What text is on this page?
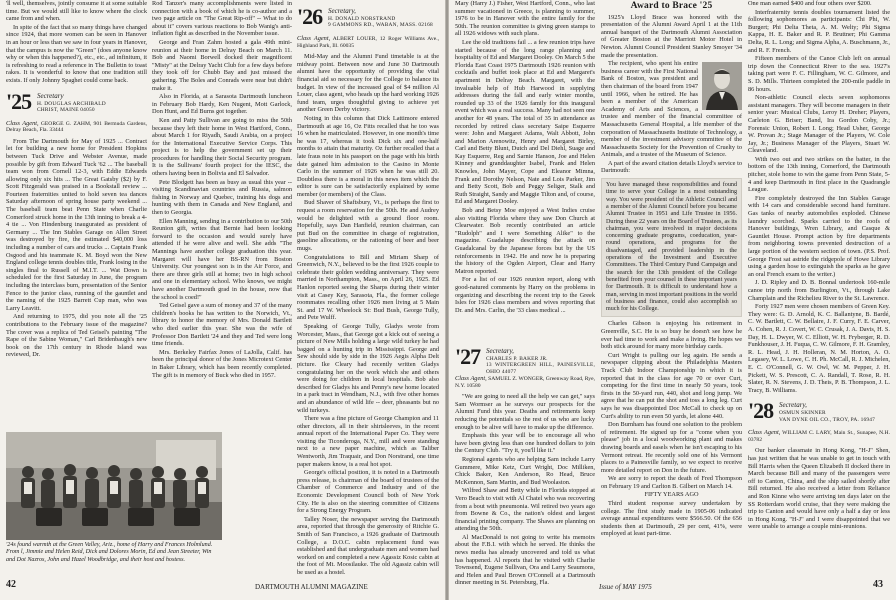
'll well, themselves, jointly consume it at some suitable time. But we would still like to know where the clock came from and when.

In spite of the fact that so many things have changed since 1924, that more women can be seen in Hanover in an hour or less than we saw in four years in Hanover, that the campus is now the "Green" (does anyone know why or when this happened?), etc., etc., ad infinitum, it is refreshing to read a reference in The Bulletin to toast rakes. It is wonderful to know that one tradition still exists. If only Johnny Spaghet could come back.

'25 Secretary
H. DOUGLAS ARCHIBALD
CHRIST, MAINE 04050
Class Agent, GEORGE G. ZAHM, 901 Bermuda Gardens, Delray Beach, Fla. 33444

From The Dartmouth for May of 1925 ... Contract let for building a new home for President Hopkins between Tuck Drive and Webster Avenue, made possible by gift from Edward Tuck '62 ... The baseball team won from Cornell 12-3, with Eddie Edwards allowing only six hits ... The Great Gatsby ($2) by F. Scott Fitzgerald was praised in a Bookstall review ... Fourteen fraternities united to hold seven tea dances Saturday afternoon of spring house party weekend ... The baseball team beat Penn State when Charlie Comerford struck home in the 13th inning to break a 4-4 tie ... Von Hindenburg inaugurated as president of Germany ... The Inn Stables Garage on Allen Street was destroyed by fire, the estimated $40,000 loss including a number of cars and trucks ... Captain Frank Osgood and his teammate K. M. Boyd won the New England college tennis doubles title, Frank losing in the singles final to Russell of M.I.T. ... Wat Down is scheduled for the first Saturday in June, the program including the interclass burn, presentation of the Senior Fence to the junior class, running of the gauntlet and the naming of the 1925 Barrett Cup man, who was Larry Leavitt.

And returning to 1975, did you note all the '25 contributions to the February issue of the magazine? The cover was a replica of Ted Geisel's painting "The Rape of the Sabine Woman," Carl Bridenbaugh's new book on the 17th century in Rhode Island was reviewed, Dr.

Rod Tanzer's many accomplishments were listed in connection with a book of which he is co-author and a two page article on "The Great Rip-off" -- What to do about it" covers various reactions to Bob Wanig's anti-inflation fight as described in the November issue.

George and Fran Zahm hosted a gala 49th mini-reunion at their home in Delray Beach on March 11. Bob and Naomi Borwell docked their magnificent "Misty" at the Delray Yacht Club for a few days before they took off for Chubb Bay and just missed the gathering. The Boles and Conrads were near but didn't make it.

Also in Florida, at a Sarasota Dartmouth luncheon in February Bob Hardy, Ken Nugent, Mott Garlock, Don Hunt, and Ed Burns got together.

Ken and Patty Sullivan are going to miss the 50th because they left their home in West Hartford, Conn., about March 1 for Riyadh, Saudi Arabia, on a project for the International Executive Service Corps. This project is to help the government set up their procedures for handling their Social Security program. It is the Sullivans' fourth project for the IESC, the others having been in Bolivia and El Salvador.

Pete Blodgett has been as busy as usual this year -- visiting Scandinavian countries and Russia, salmon fishing in Norway and Quebec, training his dogs and hunting with them in Canada and New England, and then to Georgia.

Ellen Manning, sending in a contribution to our 50th Reunion gift, writes that Bernie had been looking forward to the occasion and would surely have attended if he were alive and well. She adds "The Mannings have another college graduation this year. Margaret will have her BS-RN from Boston University. Our youngest son is in the Air Force, and there are three girls still at home; two in high school and one in elementary school. Who knows, we might have another Dartmouth grad in the house, now that the school is coed!"

Ted Geisel gave a sum of money and 37 of the many children's books he has written to the Norwich, Vt., library to honor the memory of Mrs. Donald Bartlett who died earlier this year. She was the wife of Professor Don Bartlett '24 and they and Ted were long time friends.

Mrs. Berkeley Fairfax Jones of LaJolla, Calif. has been the principal donor of the Jones Microtext Center in Baker Library, which has been recently completed. The gift is in memory of Buck who died in 1957.

'26 Secretary,
H. DONALD NORSTRAND
9 GAMMONS RD., WABAN, MASS. 02168
Class Agent, ALBERT LOUER, 12 Roger Williams Ave., Highland Park, Ill. 60035

Mid-May and the Alumni Fund timetable is at the midway point. Between now and June 30 Dartmouth alumni have the opportunity of providing the vital financial aid so necessary for the College to balance its budget. In view of the increased goal of $4 million Al Louer, class agent, who heads up the hard working 1926 fund team, urges thoughtful giving to achieve yet another Green Derby victory.

Noting in this column that Dick Lattimore entered Dartmouth at age 16, Oz Fitts recalled that he too was 16 when he matriculated. However, in one month's time he was 17, whereas it took Dick six and one-half months to attain that maturity. Oz further recalled that a late fraus note in his passport on the page with his birth date gained him admission to the Casino in Monte Carlo in the summer of 1926 when he was still 20. Doubtless there is a moral in this news item which the editor is sure can be satisfactorily explained by some member (or members) of the Class.

Bud Shaver of Shaftsbury, Vt., is perhaps the first to request a room reservation for the 50th. He and Audrey would be delighted with a ground floor room. Hopefully, says Dan Hanfield, reunion chairman, can put Bud on the committee in charge of registration, gasoline allocations, or the rationing of beer and beer mugs.

Congratulations to Bill and Miriam Sharp of Greenwich, N.Y., believed to be the first 1926 couple to celebrate their golden wedding anniversary. They were married in Northampton, Mass., on April 26, 1925. Ed Hanlon reported seeing the Sharps during their winter visit at Casey Key, Sarasota, Fla., the former college roommates recalling other 1926 men living at 5 Main St. and 17 W. Wheelock St: Bud Bush, George Tully, and Pete Wulff.

Speaking of George Tully, Gladys wrote from Worcester, Mass., that George got a kick out of seeing a picture of New Mills holding a large wild turkey he had bagged on a hunting trip in Mississippi. George and Sew should side by side in the 1926 Aegis Alpha Delt picture. Ike Cleary had recently written Gladys congratulating her on the work which she and others were doing for children in local hospitals. Bob also described for Gladys his and Penny's new home located in a park tract in Wendham, N.J., with five other homes and an abundance of wild life -- deer, pheasants but no wild turkeys.

There was a fine picture of George Champion and 11 other directors, all in their shirtsleeves, in the recent annual report of the International Paper Co. They were visiting the Ticonderoga, N.Y., mill and were standing next to a new paper machine, which as Taliber Wentworth, Jim Traquair, and Don Norstrand, one time paper makers know, is a real hot spot.

George's official position, it is noted in a Dartmouth press release, is chairman of the board of trustees of the Chamber of Commerce and Industry and of the Economic Development Council both of New York City. He is also on the steering committee of Citizens for a Strong Energy Program.

Talley Noser, the newspaper serving the Dartmouth area, reported that through the generosity of Ritchie G. Smith of San Francisco, a 1926 graduate of Dartmouth College, a D.O.C. cabin replacement fund was established and that undergraduate men and women had worked on and completed a new Agassiz Kosic cabin at the foot of Mt. Moosilauke. The old Agassiz cabin will be used as a hostel.

'24s found warmth at the Green Valley, Ariz., home of Harry and Frances Holmlund. From l, Jimmie and Helen Reid, Dick and Dolores Morin, Ed and Jean Streeter, Win and Dot Nazros, John and Hazel Woodbridge, and their host and hostess.
42	DARTMOUTH ALUMNI MAGAZINE

Mary (Harry J.) Fisher, West Hartford, Conn., who last summer vacationed in Greece, is planning to summer, 1976 to be in Hanover with the entire family for the 50th. The reunion committee is giving green stamps to all 1926 widows with such plans.

Lee the old traditions fail ... a few reunion trips have started because of the long range planning and hospitality of Ed and Margaret Dooley. On March 5 the Florida East Coast 1975 Dartmouth 1926 reunion with cocktails and buffet took place at Ed and Margaret's apartment in Delray Beach. Margaret, with the invaluable help of Hub Harwood in supplying addresses during the fall and early winter months, rounded up 33 of the 1926 family for this inaugural event which was a real success. Many had not seen one another for 48 years. The total of 35 in attendance as recorded by retired class secretary Saipe Esquerre were: John and Margaret Adams, Walt Abbott, John and Marion Arenowitz, Henry and Margaret Birley, Carl and Betty Blunt, Dutch and Del Diehl, Suage and Kay Esquerre, Reg and Sarnie Hanson, Joe and Helen Kinney and granddaughter Isabel, Frank and Helen Knowles, John Mayer, Cope and Eleanor Mimna, Frank and Dorothy Nelson, Nate and Lois Parker, Jim and Betty Scott, Bob and Peggy Seliger, Stalk and Ruth Straight, Sandy and Maggie Tilton and, of course, Ed and Margaret Dooley.

Bob and Betsy Moe enjoyed a West Indies cruise also visiting Florida where they saw Don Church at Clearwater. Bob recently contributed an article "Rudolph" and I were Something Alike" to the magazine. Guadalupe describing the attack on Guadalcanal by the Japanese forces but by the US reinforcements in 1942. He and now he is preparing the history of the Ogden Airport, Clear and Harry Matron reported.

For a list of our 1926 reunion report, along with good-natured comments by Harry on the problems in organizing and describing the recent trip to the Greek Isles for 1926 class members and wives reporting that Dr. and Mrs. Carlin, the '33 class medical ...

'27 Secretary,
CHARLES P. BAKER JR.
13 WINTERGREEN HILL, PAINESVILLE, OHIO 44077
Class Agent, SAMUEL Z. WONGER, Greenway Road, Rye, N.Y. 10580

"We are going to need all the help we can get," says Sam Wormser as he surveys our prospects for the Alumni Fund this year. Deaths and retirements keep reducing the potentials so the rest of us who are lucky enough to be alive will have to make up the difference.

Emphasis this year will be to encourage all who have been giving less than one hundred dollars to join the Century Club. "Try it, you'll like it."

Regional agents who are helping Sam include Larry Gummere, Mike Ketz, Curt Wright, Doc Milliken, Chick Baker, Ken Anderson, Ro Head, Bruce McKennon, Sam Martin, and Bud Woolaston.

Wilfred Shaw and Betty while in Florida stopped at Vero Beach to visit with Al Chatel who was recovering from a bout with pneumonia. Wil retired two years ago from Bowne & Co., the nation's oldest and largest financial printing company. The Shaws are planning on attending the 50th.

Al MacDonald is not going to write his memoirs about the F.B.I. with which he served. He thinks the news media has already uncovered and told us what has happened. Al reports that he visited with Charlie Townsend, Eugene Sullivan, Ora and Larry Seaumons, and Helen and Paul Brown O'Connell at a Dartmouth dinner meeting in St. Petersburg, Fla.

Award to Brace '25

1925's Lloyd Brace was honored with the presentation of the Alumni Award April 1 at the 11th annual banquet of the Dartmouth Alumni Association of Greater Boston at the Marriott Motor Hotel in Newton. Alumni Council President Stanley Smoyer '34 made the presentation.

The recipient, who spent his entire business career with the First National Bank of Boston, was president and then chairman of the board from 1947 until 1966, when he retired. He has been a member of the American Academy of Arts and Sciences, a trustee and member of the financial committee of Massachusetts General Hospital, a life member of the corporation of Massachusetts Institute of Technology, a member of the investment advisory committee of the Massachusetts Society for the Prevention of Cruelty to Animals, and a trustee of the Museum of Science.

A part of the award citation details Lloyd's service to Dartmouth:

You have managed these responsibilities and found time to serve your College in a most outstanding way. You were president of the Athletic Council and a member of the Alumni Council before you became Alumni Trustee in 1951 and Life Trustee in 1956. During these 22 years on the Board of Trustees, as its chairman, you were involved in major decisions concerning graduate programs, coeducation, year-round operations, and programs for the disadvantaged, and provided leadership in the operations of the Investment and Executive Committees. The Third Century Fund Campaign and the search for the 13th president of the College benefited from your counsel in these important years for Dartmouth. It is difficult to understand how a man, serving in most important positions in the world of business and finance, could also accomplish so much for his College.

Charles Gibson is enjoying his retirement in Greenville, S.C. He is so busy he doesn't see how he ever had time to work and make a living. He hopes we both stick around for many more birthday cards.

Curt Wright is pulling our leg again. He sends a newspaper clipping about the Philadelphia Masters Track Club Indoor Championship in which it is reported that in the class for age 70 or over Curt, competing for the first time in nearly 50 years, took firsts in the 50-yard run, 440, shot and long jump. We agree that he can put the shot and toss a long leg. Curt says he was disappointed Doc McCall to check up on Curt's ability to run even 50 yards, let alone 440.

Don Burnham has found one solution to the problem of retirement. He signed up for a "come when you please" job in a local woodworking plant and makes drawing boards and easels when he isn't escaping to his Vermont retreat. He recently sold one of his Vermont places to a Painesville family, so we expect to receive more detailed report on Don in the future.

We are sorry to report the death of Fred Thompson on February 19 and Carlton B. Gilbert on March 14.

FIFTY YEARS AGO

Third student response survey undertaken by college. The first study made in 1905-06 indicated average annual expenditures were $566.50. Of the 656 students then at Dartmouth, 29 per cent, 41%, were employed at least part-time.

One man earned $400 and four others over $200.

Interfraternity tennis doubles tournament listed the following sophomores as participants: Chi Phi, W. Burgert; Phi Delta Theta, A. M. Welty; Phi Sigma Kappa, H. E. Baker and R. P. Bruttner; Phi Gamma Delta, R. L. Long; and Sigma Alpha, A. Buschmann, Jr., and R. F. French.

Fifteen members of the Canoe Club left on annual trip down the Connecticut River to the sea. 1927's taking part were F. C. Fillingham, W. C. Gilmore, and S. D. Mills. Thirteen completed the 200-mile paddle in 86 hours.

Non-athletic Council elects seven sophomores assistant managers. They will become managers in their senior year: Musical Clubs, Leroy H. Dreher; Players, Carleton G. Briser; Band, Ira Gordon Coby, Jr.; Forensic Union, Robert I. Long; Head Usher, George W. Provan Jr.; Stage Manager of the Players, W. Cole Jay, Jr.; Business Manager of the Players, Stuart W. Cleaveland.

With two out and two strikes on the batter, in the bottom of the 13th inning, Comerford, the Dartmouth pitcher, stole home to win the game from Penn State, 5-4 and keep Dartmouth in first place in the Quadrangle League.

Fire completely destroyed the Inn Stables Garage with 14 cars and considerable second hand furniture. Gas tanks of nearby automobiles exploded. Chinese laundry scorched. Sparks carried to the roofs of Hanover buildings, Wren Library, and Casque & Gauntlet House. Prompt action by fire departments from neighboring towns prevented destruction of a large portion of the western section of town. (P.S. Prof. George Frost sat astride the ridgepole of Howe Library using a garden hose to extinguish the sparks as he gave an oral French exam to the writer.)

J. D. Ripley and D. B. Bonnal undertook 160-mile canoe trip north from Burlington, Vt., through Lake Champlain and the Richelieu River to the St. Lawrence.

Forty 1927 men were chosen members of Green Key. They were: G. D. Arnold, K. C. Ballantyne, B. Bardé, C. W. Bartlett, C. W. Bellaire, J. F. Curry, F. E. Carver, A. Cohen, R. J. Covert, W. C. Crusak, J. A. Davis, H. S. Day, H. L. Dwyer, W. C. Elliott, W. H. Fryberger, R. D. Funkhouser, J. H. Fuqua, C. W. Gilmore, F. H. Gramley, R. L. Head, J. H. Holleran, N. M. Horton, A. O. Legasey, W. L. Lowe, C. H. Ph. McCall, R. J. Michelen, E. C. O'Connell, G. W. Owl, W. M. Pepper, J. H. Pickett, W. S. Prescott, C. A. Randall, T. Rose, R. H. Slater, R. N. Stevens, J. D. Theis, P. B. Thompson, J. L. Tracy, B. Williams.

'28 Secretary,
OSMUN SKINNER
VAN DYNE OIL CO., TROY, PA. 16947
Class Agent, WILLIAM C. LARY, Main St., Sunapee, N.H. 03782

Our banker classmate in Hong Kong, "H-J" Shen, has just written that he was unable to get in touch with Bill Harris when the Queen Elizabeth II docked there in March because Bill and many of the passengers were off to Canton, China, and the ship sailed shortly after Bill returned. He also received a letter from Reliance and Ron Kinne who were arriving ten days later on the SS Rotterdam world cruise, that they were making the trip to Canton and would have only a half a day or less in Hong Kong. "H-J" and I were disappointed that we were unable to arrange a couple mini-reunions.

Issue of MAY 1975	43
